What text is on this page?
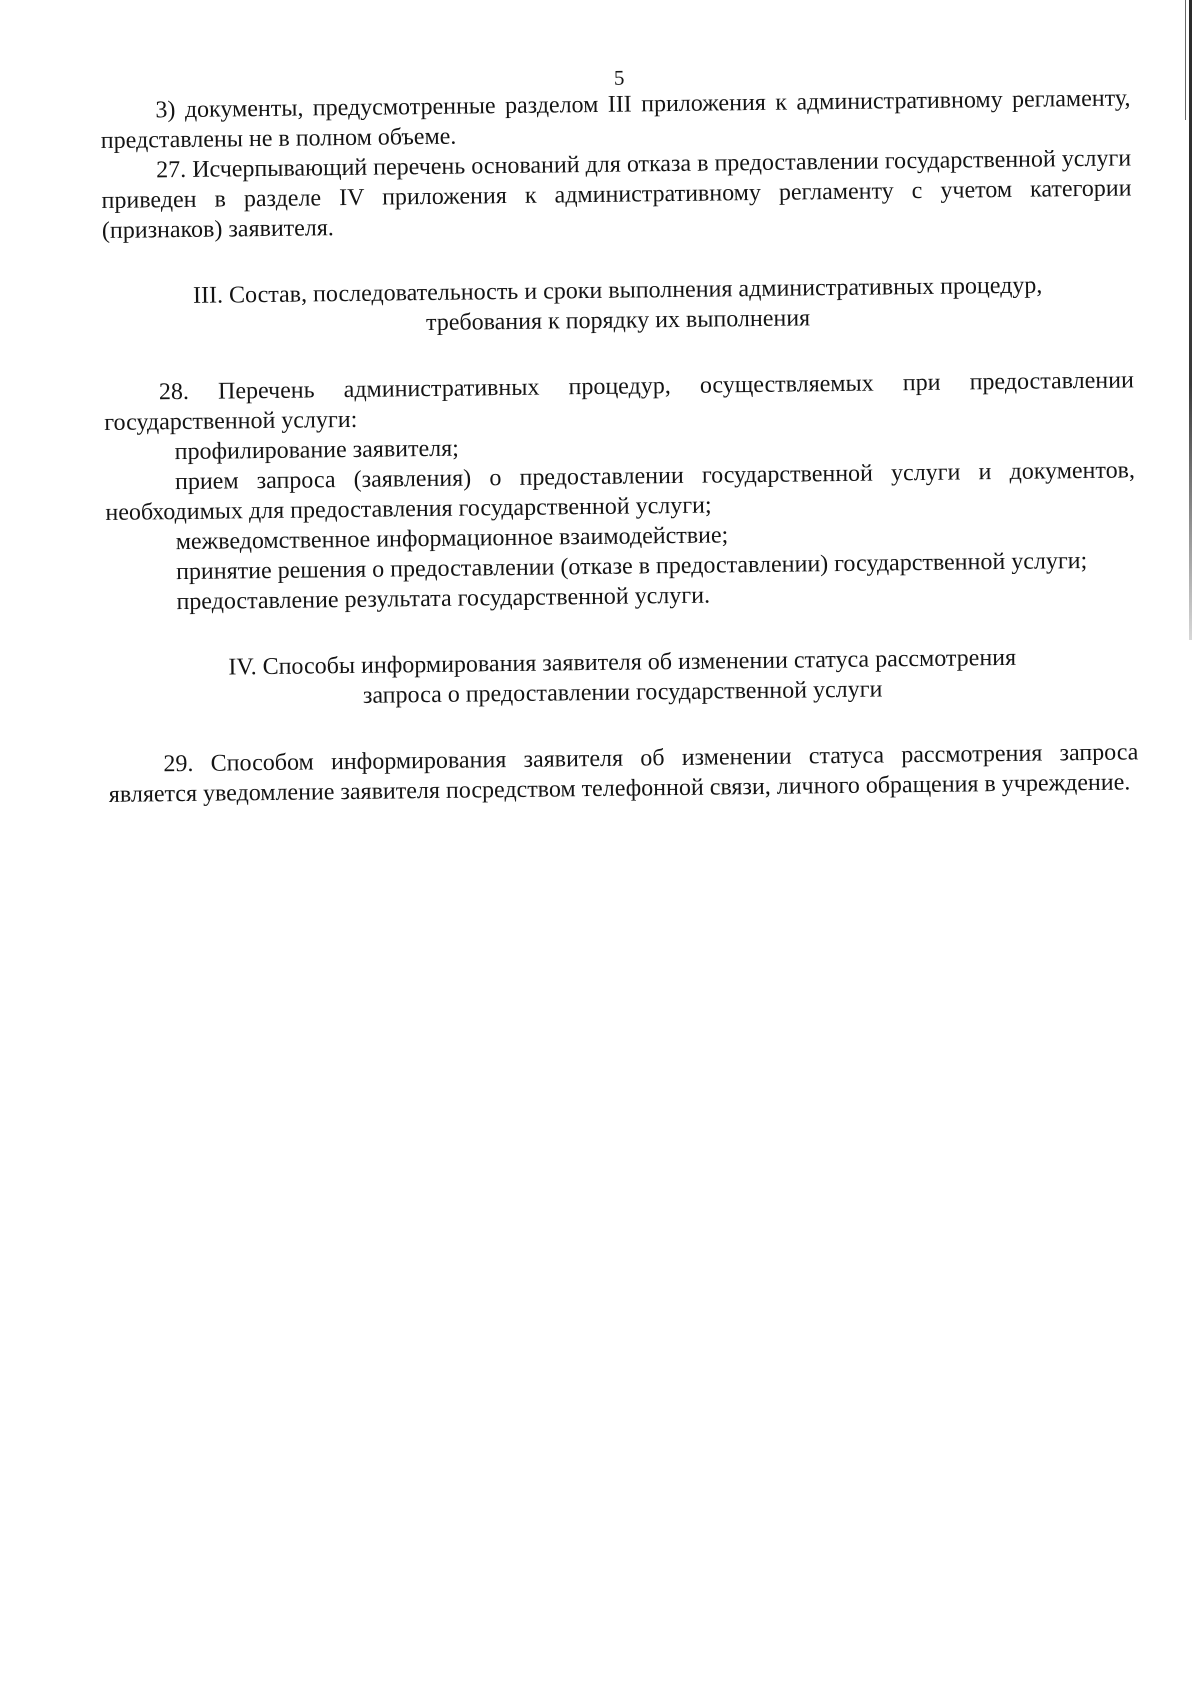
5

3) документы, предусмотренные разделом III приложения к административному регламенту, представлены не в полном объеме.

27. Исчерпывающий перечень оснований для отказа в предоставлении государственной услуги приведен в разделе IV приложения к административному регламенту с учетом категории (признаков) заявителя.

III. Состав, последовательность и сроки выполнения административных процедур,
требования к порядку их выполнения

28. Перечень административных процедур, осуществляемых при предоставлении государственной услуги:

профилирование заявителя;

прием запроса (заявления) о предоставлении государственной услуги и документов, необходимых для предоставления государственной услуги;

межведомственное информационное взаимодействие;

принятие решения о предоставлении (отказе в предоставлении) государственной услуги;

предоставление результата государственной услуги.

IV. Способы информирования заявителя об изменении статуса рассмотрения
запроса о предоставлении государственной услуги

29. Способом информирования заявителя об изменении статуса рассмотрения запроса является уведомление заявителя посредством телефонной связи, личного обращения в учреждение.
